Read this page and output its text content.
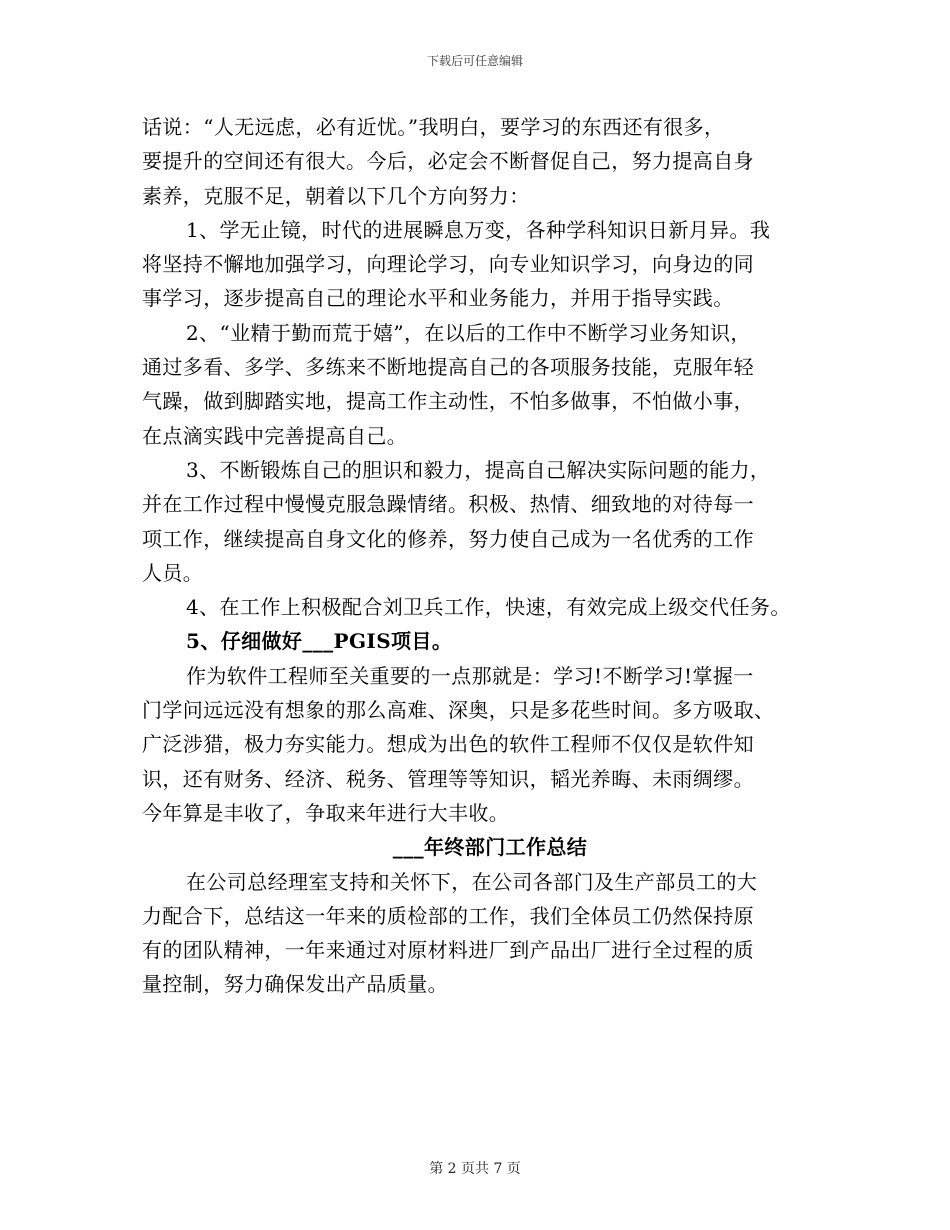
下载后可任意编辑
话说：“人无远虑，必有近忧。”我明白，要学习的东西还有很多，
要提升的空间还有很大。今后，必定会不断督促自己，努力提高自身
素养，克服不足，朝着以下几个方向努力：
1、学无止镜，时代的进展瞬息万变，各种学科知识日新月异。我
将坚持不懈地加强学习，向理论学习，向专业知识学习，向身边的同
事学习，逐步提高自己的理论水平和业务能力，并用于指导实践。
2、“业精于勤而荒于嬉”，在以后的工作中不断学习业务知识，
通过多看、多学、多练来不断地提高自己的各项服务技能，克服年轻
气躁，做到脚踏实地，提高工作主动性，不怕多做事，不怕做小事，
在点滴实践中完善提高自己。
3、不断锻炼自己的胆识和毅力，提高自己解决实际问题的能力，
并在工作过程中慢慢克服急躁情绪。积极、热情、细致地的对待每一
项工作，继续提高自身文化的修养，努力使自己成为一名优秀的工作
人员。
4、在工作上积极配合刘卫兵工作，快速，有效完成上级交代任务。
5、仔细做好___PGIS项目。
作为软件工程师至关重要的一点那就是：学习!不断学习!掌握一
门学问远远没有想象的那么高难、深奥，只是多花些时间。多方吸取、
广泛涉猎，极力夯实能力。想成为出色的软件工程师不仅仅是软件知
识，还有财务、经济、税务、管理等等知识，韬光养晦、未雨绸缪。
今年算是丰收了，争取来年进行大丰收。
___年终部门工作总结
在公司总经理室支持和关怀下，在公司各部门及生产部员工的大
力配合下，总结这一年来的质检部的工作，我们全体员工仍然保持原
有的团队精神，一年来通过对原材料进厂到产品出厂进行全过程的质
量控制，努力确保发出产品质量。
第 2 页共 7 页
